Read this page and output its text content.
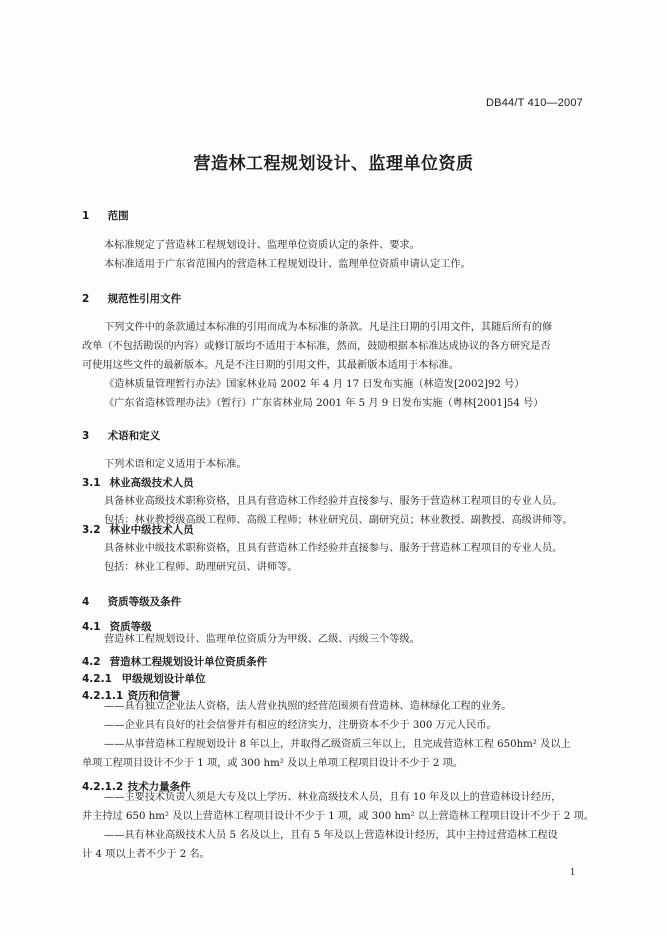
DB44/T 410—2007
营造林工程规划设计、监理单位资质
1 范围
本标准规定了营造林工程规划设计、监理单位资质认定的条件、要求。
本标准适用于广东省范围内的营造林工程规划设计、监理单位资质申请认定工作。
2 规范性引用文件
下列文件中的条款通过本标准的引用而成为本标准的条款。凡是注日期的引用文件，其随后所有的修
改单（不包括勘误的内容）或修订版均不适用于本标准，然而，鼓励根据本标准达成协议的各方研究是否
可使用这些文件的最新版本。凡是不注日期的引用文件，其最新版本适用于本标准。
《造林质量管理暂行办法》国家林业局 2002 年 4 月 17 日发布实施（林造发[2002]92 号）
《广东省造林管理办法》（暂行）广东省林业局 2001 年 5 月 9 日发布实施（粤林[2001]54 号）
3 术语和定义
下列术语和定义适用于本标准。
3.1 林业高级技术人员
具备林业高级技术职称资格，且具有营造林工作经验并直接参与、服务于营造林工程项目的专业人员。
包括：林业教授级高级工程师、高级工程师；林业研究员、副研究员；林业教授、副教授、高级讲师等。
3.2 林业中级技术人员
具备林业中级技术职称资格，且具有营造林工作经验并直接参与、服务于营造林工程项目的专业人员。
包括：林业工程师、助理研究员、讲师等。
4 资质等级及条件
4.1 资质等级
营造林工程规划设计、监理单位资质分为甲级、乙级、丙级三个等级。
4.2 营造林工程规划设计单位资质条件
4.2.1 甲级规划设计单位
4.2.1.1 资历和信誉
——具有独立企业法人资格，法人营业执照的经营范围须有营造林、造林绿化工程的业务。
——企业具有良好的社会信誉并有相应的经济实力，注册资本不少于 300 万元人民币。
——从事营造林工程规划设计 8 年以上，并取得乙级资质三年以上，且完成营造林工程 650hm² 及以上
单项工程项目设计不少于 1 项，或 300 hm² 及以上单项工程项目设计不少于 2 项。
4.2.1.2 技术力量条件
——主要技术负责人须是大专及以上学历、林业高级技术人员，且有 10 年及以上的营造林设计经历，
并主持过 650 hm² 及以上营造林工程项目设计不少于 1 项，或 300 hm² 以上营造林工程项目设计不少于 2 项。
——具有林业高级技术人员 5 名及以上，且有 5 年及以上营造林设计经历，其中主持过营造林工程设
计 4 项以上者不少于 2 名。
1
